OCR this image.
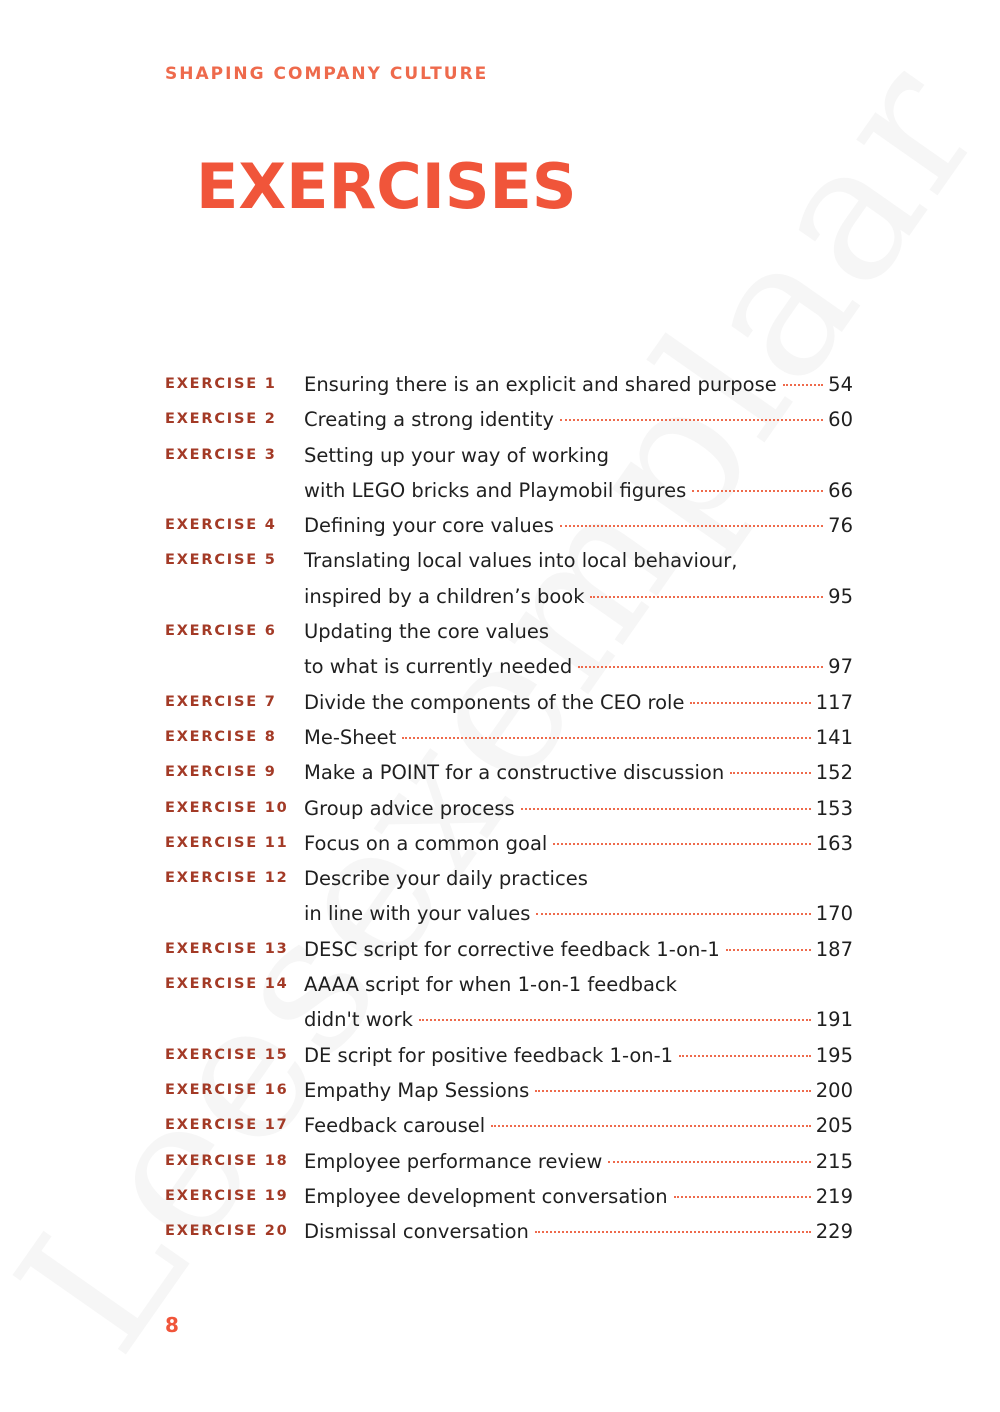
SHAPING COMPANY CULTURE
EXERCISES
EXERCISE 1	Ensuring there is an explicit and shared purpose	54
EXERCISE 2	Creating a strong identity	60
EXERCISE 3	Setting up your way of working
with LEGO bricks and Playmobil figures	66
EXERCISE 4	Defining your core values	76
EXERCISE 5	Translating local values into local behaviour,
inspired by a children’s book	95
EXERCISE 6	Updating the core values
to what is currently needed	97
EXERCISE 7	Divide the components of the CEO role	117
EXERCISE 8	Me-Sheet	141
EXERCISE 9	Make a POINT for a constructive discussion	152
EXERCISE 10 Group advice process	153
EXERCISE 11 Focus on a common goal	163
EXERCISE 12 Describe your daily practices
in line with your values	170
EXERCISE 13 DESC script for corrective feedback 1-on-1	187
EXERCISE 14 AAAA script for when 1-on-1 feedback
didn't work	191
EXERCISE 15 DE script for positive feedback 1-on-1	195
EXERCISE 16 Empathy Map Sessions	200
EXERCISE 17 Feedback carousel	205
EXERCISE 18 Employee performance review	215
EXERCISE 19 Employee development conversation	219
EXERCISE 20 Dismissal conversation	229
8
